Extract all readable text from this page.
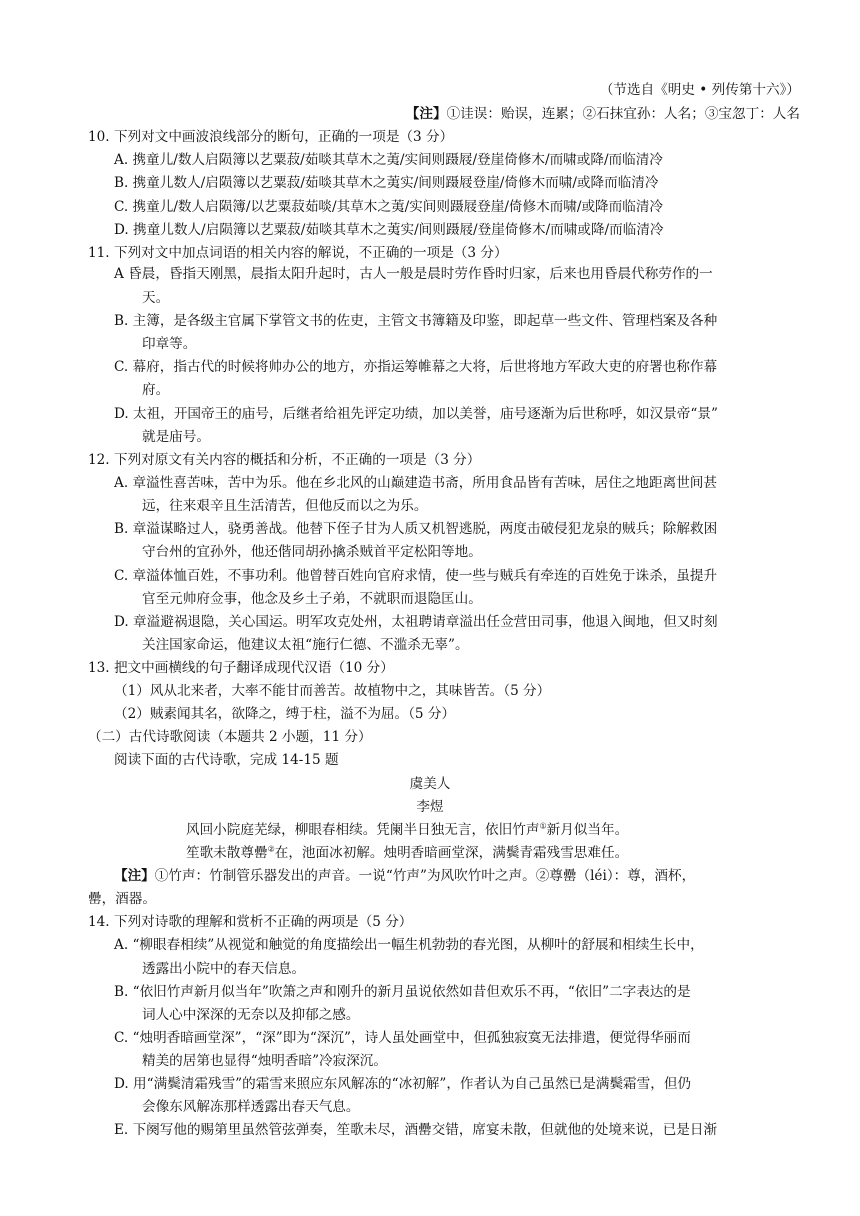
（节选自《明史 • 列传第十六》）
【注】①诖误：贻误，连累；②石抹宜孙：人名；③宝忽丁：人名
10. 下列对文中画波浪线部分的断句，正确的一项是（3 分）
A. 携童儿/数人启陨簿以艺粟菽/茹啖其草木之荑/实间则蹑屐/登崖倚修木/而啸或降/而临清冷
B. 携童儿数人/启陨簿以艺粟菽/茹啖其草木之荑实/间则蹑屐登崖/倚修木而啸/或降而临清冷
C. 携童儿/数人启陨簿/以艺粟菽茹啖/其草木之荑/实间则蹑屐登崖/倚修木而啸/或降而临清冷
D. 携童儿数人/启陨簿以艺粟菽/茹啖其草木之荑实/间则蹑屐/登崖倚修木/而啸或降/而临清冷
11. 下列对文中加点词语的相关内容的解说，不正确的一项是（3 分）
A 昏晨，昏指天刚黑，晨指太阳升起时，古人一般是晨时劳作昏时归家，后来也用昏晨代称劳作的一
天。
B. 主簿，是各级主官属下掌管文书的佐吏，主管文书簿籍及印鉴，即起草一些文件、管理档案及各种
印章等。
C. 幕府，指古代的时候将帅办公的地方，亦指运筹帷幕之大将，后世将地方军政大吏的府署也称作幕
府。
D. 太祖，开国帝王的庙号，后继者给祖先评定功绩，加以美誉，庙号逐渐为后世称呼，如汉景帝“景”
就是庙号。
12. 下列对原文有关内容的概括和分析，不正确的一项是（3 分）
A. 章溢性喜苦味，苦中为乐。他在乡北风的山巅建造书斋，所用食品皆有苦味，居住之地距离世间甚
远，往来艰辛且生活清苦，但他反而以之为乐。
B. 章溢谋略过人，骁勇善战。他替下侄子甘为人质又机智逃脱，两度击破侵犯龙泉的贼兵；除解救困
守台州的宜孙外，他还偕同胡孙擒杀贼首平定松阳等地。
C. 章溢体恤百姓，不事功利。他曾替百姓向官府求情，使一些与贼兵有牵连的百姓免于诛杀，虽提升
官至元帅府佥事，他念及乡土子弟，不就职而退隐匡山。
D. 章溢避祸退隐，关心国运。明军攻克处州，太祖聘请章溢出任佥营田司事，他退入闽地，但又时刻
关注国家命运，他建议太祖“施行仁德、不滥杀无辜”。
13. 把文中画横线的句子翻译成现代汉语（10 分）
（1）风从北来者，大率不能甘而善苦。故植物中之，其味皆苦。（5 分）
（2）贼素闻其名，欲降之，缚于柱，溢不为屈。（5 分）
（二）古代诗歌阅读（本题共 2 小题，11 分）
阅读下面的古代诗歌，完成 14-15 题
虞美人
李煜
风回小院庭芜绿，柳眼春相续。凭阑半日独无言，依旧竹声①新月似当年。
笙歌未散尊罍②在，池面冰初解。烛明香暗画堂深，满鬓青霜残雪思难任。
【注】①竹声：竹制管乐器发出的声音。一说“竹声”为风吹竹叶之声。②尊罍（léi）：尊，酒杯，
罍，酒器。
14. 下列对诗歌的理解和赏析不正确的两项是（5 分）
A. “柳眼春相续”从视觉和触觉的角度描绘出一幅生机勃勃的春光图，从柳叶的舒展和相续生长中，
透露出小院中的春天信息。
B. “依旧竹声新月似当年”吹箫之声和刚升的新月虽说依然如昔但欢乐不再，“依旧”二字表达的是
词人心中深深的无奈以及抑郁之感。
C. “烛明香暗画堂深”，“深”即为“深沉”，诗人虽处画堂中，但孤独寂寞无法排遣，便觉得华丽而
精美的居第也显得“烛明香暗”冷寂深沉。
D. 用“满鬓清霜残雪”的霜雪来照应东风解冻的“冰初解”，作者认为自己虽然已是满鬓霜雪，但仍
会像东风解冻那样透露出春天气息。
E. 下阕写他的赐第里虽然管弦弹奏，笙歌未尽，酒罍交错，席宴未散，但就他的处境来说，已是日渐
